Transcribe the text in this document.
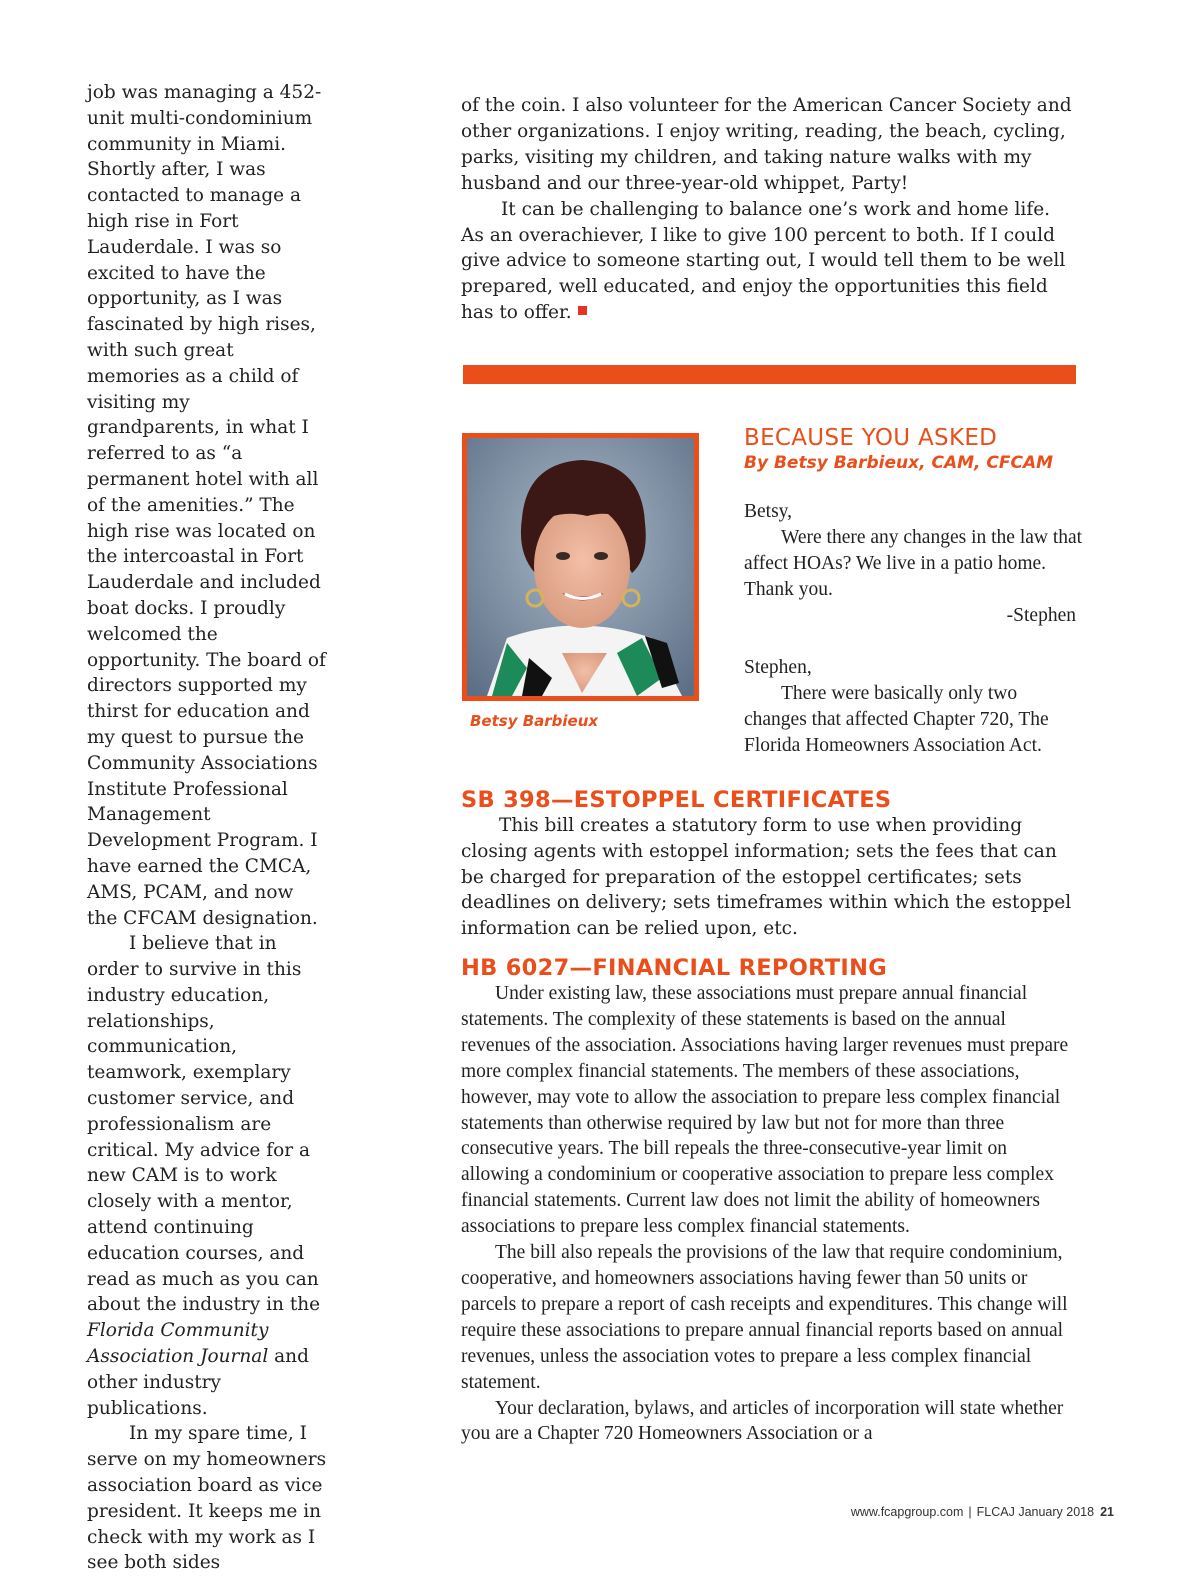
job was managing a 452-unit multi-condominium community in Miami. Shortly after, I was contacted to manage a high rise in Fort Lauderdale. I was so excited to have the opportunity, as I was fascinated by high rises, with such great memories as a child of visiting my grandparents, in what I referred to as “a permanent hotel with all of the amenities.” The high rise was located on the intercoastal in Fort Lauderdale and included boat docks. I proudly welcomed the opportunity. The board of directors supported my thirst for education and my quest to pursue the Community Associations Institute Professional Management Development Program. I have earned the CMCA, AMS, PCAM, and now the CFCAM designation.

I believe that in order to survive in this industry education, relationships, communication, teamwork, exemplary customer service, and professionalism are critical. My advice for a new CAM is to work closely with a mentor, attend continuing education courses, and read as much as you can about the industry in the Florida Community Association Journal and other industry publications.

In my spare time, I serve on my homeowners association board as vice president. It keeps me in check with my work as I see both sides

of the coin. I also volunteer for the American Cancer Society and other organizations. I enjoy writing, reading, the beach, cycling, parks, visiting my children, and taking nature walks with my husband and our three-year-old whippet, Party!

It can be challenging to balance one’s work and home life. As an overachiever, I like to give 100 percent to both. If I could give advice to someone starting out, I would tell them to be well prepared, well educated, and enjoy the opportunities this field has to offer.

Betsy Barbieux
BECAUSE YOU ASKED
By Betsy Barbieux, CAM, CFCAM

Betsy,

Were there any changes in the law that affect HOAs? We live in a patio home. Thank you.

-Stephen

Stephen,

There were basically only two changes that affected Chapter 720, The Florida Homeowners Association Act.

SB 398—ESTOPPEL CERTIFICATES

This bill creates a statutory form to use when providing closing agents with estoppel information; sets the fees that can be charged for preparation of the estoppel certificates; sets deadlines on delivery; sets timeframes within which the estoppel information can be relied upon, etc.

HB 6027—FINANCIAL REPORTING

Under existing law, these associations must prepare annual financial statements. The complexity of these statements is based on the annual revenues of the association. Associations having larger revenues must prepare more complex financial statements. The members of these associations, however, may vote to allow the association to prepare less complex financial statements than otherwise required by law but not for more than three consecutive years. The bill repeals the three-consecutive-year limit on allowing a condominium or cooperative association to prepare less complex financial statements. Current law does not limit the ability of homeowners associations to prepare less complex financial statements.

The bill also repeals the provisions of the law that require condominium, cooperative, and homeowners associations having fewer than 50 units or parcels to prepare a report of cash receipts and expenditures. This change will require these associations to prepare annual financial reports based on annual revenues, unless the association votes to prepare a less complex financial statement.

Your declaration, bylaws, and articles of incorporation will state whether you are a Chapter 720 Homeowners Association or a

www.fcapgroup.com | FLCAJ January 2018 21
